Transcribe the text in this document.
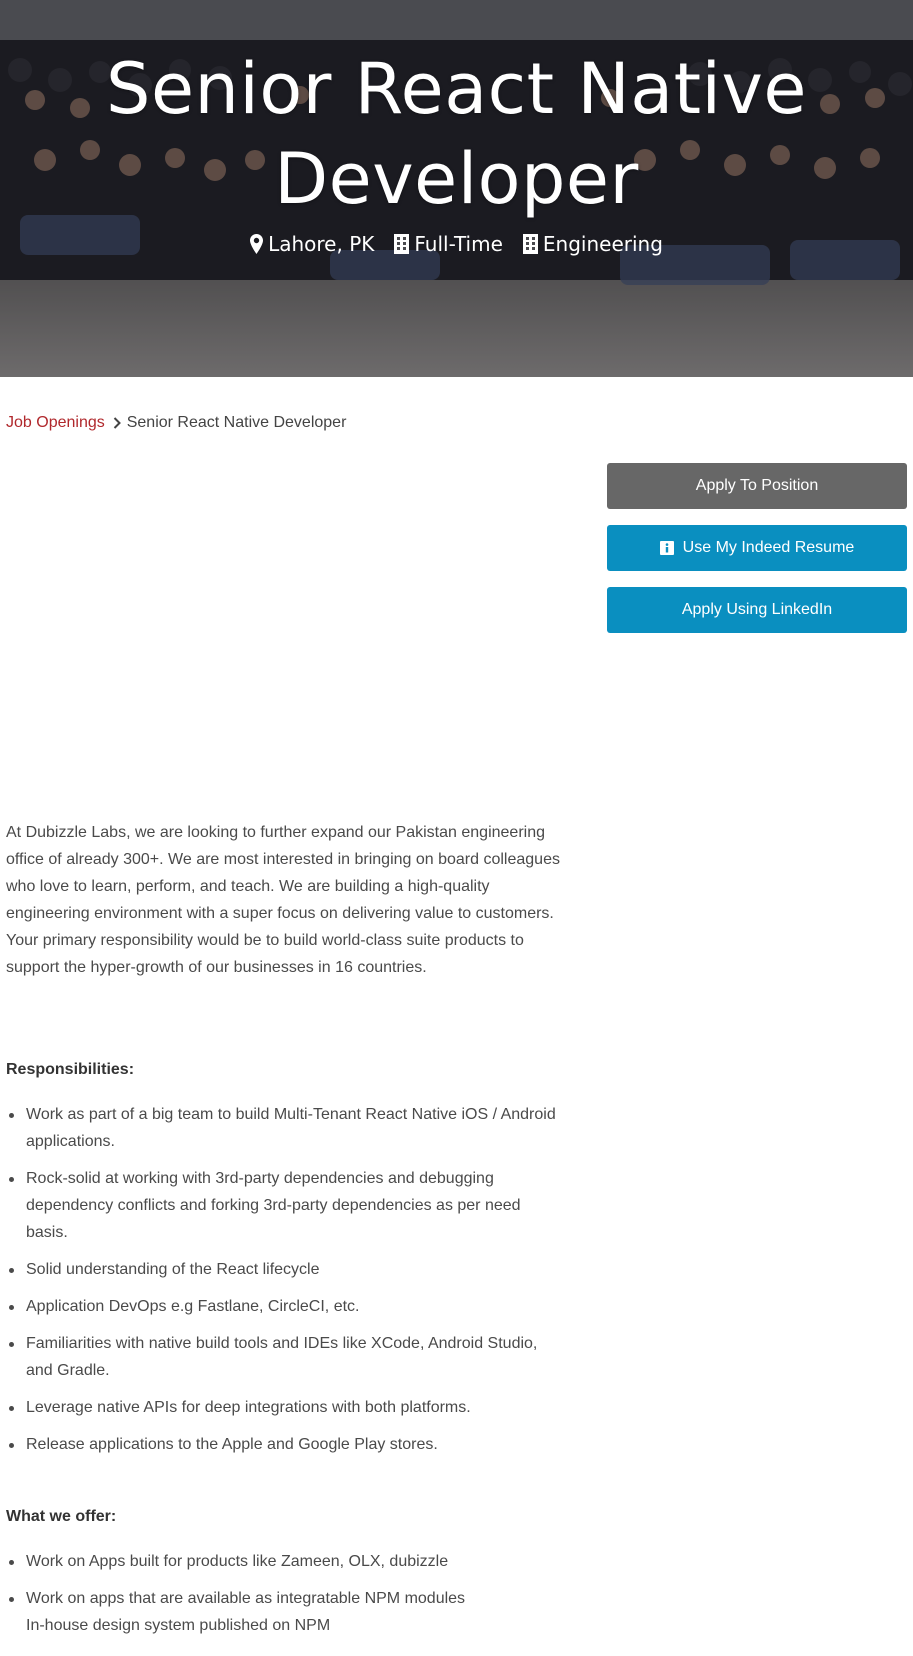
Senior React Native
Developer
Lahore, PK Full-Time Engineering
Job Openings Senior React Native Developer
Apply To Position
Use My Indeed Resume
Apply Using LinkedIn

At Dubizzle Labs, we are looking to further expand our Pakistan engineering office of already 300+. We are most interested in bringing on board colleagues who love to learn, perform, and teach. We are building a high-quality engineering environment with a super focus on delivering value to customers. Your primary responsibility would be to build world-class suite products to support the hyper-growth of our businesses in 16 countries.

Responsibilities:

Work as part of a big team to build Multi-Tenant React Native iOS / Android applications.
Rock-solid at working with 3rd-party dependencies and debugging dependency conflicts and forking 3rd-party dependencies as per need basis.
Solid understanding of the React lifecycle
Application DevOps e.g Fastlane, CircleCI, etc.
Familiarities with native build tools and IDEs like XCode, Android Studio, and Gradle.
Leverage native APIs for deep integrations with both platforms.
Release applications to the Apple and Google Play stores.

What we offer:

Work on Apps built for products like Zameen, OLX, dubizzle
Work on apps that are available as integratable NPM modules
In-house design system published on NPM
